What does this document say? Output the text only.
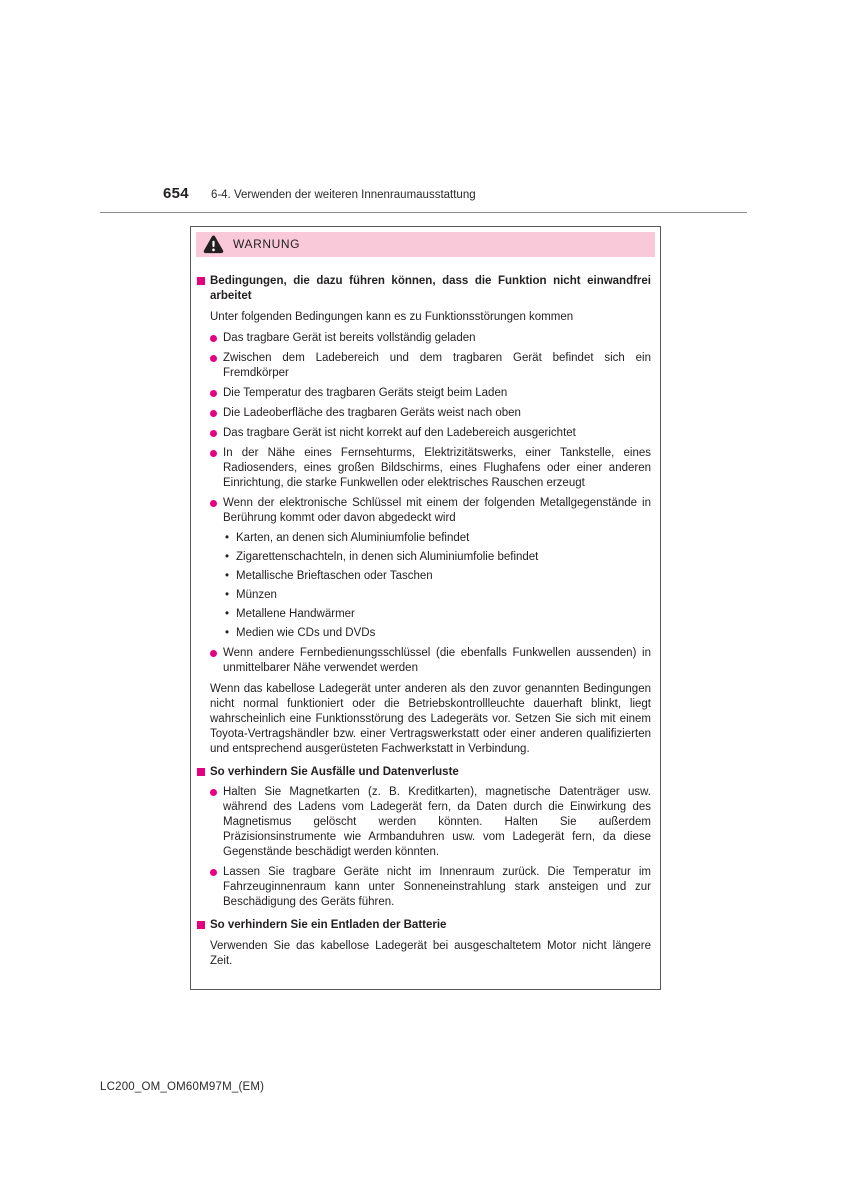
654 6-4. Verwenden der weiteren Innenraumausstattung
WARNUNG
Bedingungen, die dazu führen können, dass die Funktion nicht einwandfrei arbeitet
Unter folgenden Bedingungen kann es zu Funktionsstörungen kommen
Das tragbare Gerät ist bereits vollständig geladen
Zwischen dem Ladebereich und dem tragbaren Gerät befindet sich ein Fremdkörper
Die Temperatur des tragbaren Geräts steigt beim Laden
Die Ladeoberfläche des tragbaren Geräts weist nach oben
Das tragbare Gerät ist nicht korrekt auf den Ladebereich ausgerichtet
In der Nähe eines Fernsehturms, Elektrizitätswerks, einer Tankstelle, eines Radiosenders, eines großen Bildschirms, eines Flughafens oder einer anderen Einrichtung, die starke Funkwellen oder elektrisches Rauschen erzeugt
Wenn der elektronische Schlüssel mit einem der folgenden Metallgegenstände in Berührung kommt oder davon abgedeckt wird
• Karten, an denen sich Aluminiumfolie befindet
• Zigarettenschachteln, in denen sich Aluminiumfolie befindet
• Metallische Brieftaschen oder Taschen
• Münzen
• Metallene Handwärmer
• Medien wie CDs und DVDs
Wenn andere Fernbedienungsschlüssel (die ebenfalls Funkwellen aussenden) in unmittelbarer Nähe verwendet werden
Wenn das kabellose Ladegerät unter anderen als den zuvor genannten Bedingungen nicht normal funktioniert oder die Betriebskontrollleuchte dauerhaft blinkt, liegt wahrscheinlich eine Funktionsstörung des Ladegeräts vor. Setzen Sie sich mit einem Toyota-Vertragshändler bzw. einer Vertragswerkstatt oder einer anderen qualifizierten und entsprechend ausgerüsteten Fachwerkstatt in Verbindung.
So verhindern Sie Ausfälle und Datenverluste
Halten Sie Magnetkarten (z. B. Kreditkarten), magnetische Datenträger usw. während des Ladens vom Ladegerät fern, da Daten durch die Einwirkung des Magnetismus gelöscht werden könnten. Halten Sie außerdem Präzisionsinstrumente wie Armbanduhren usw. vom Ladegerät fern, da diese Gegenstände beschädigt werden könnten.
Lassen Sie tragbare Geräte nicht im Innenraum zurück. Die Temperatur im Fahrzeuginnenraum kann unter Sonneneinstrahlung stark ansteigen und zur Beschädigung des Geräts führen.
So verhindern Sie ein Entladen der Batterie
Verwenden Sie das kabellose Ladegerät bei ausgeschaltetem Motor nicht längere Zeit.
LC200_OM_OM60M97M_(EM)
